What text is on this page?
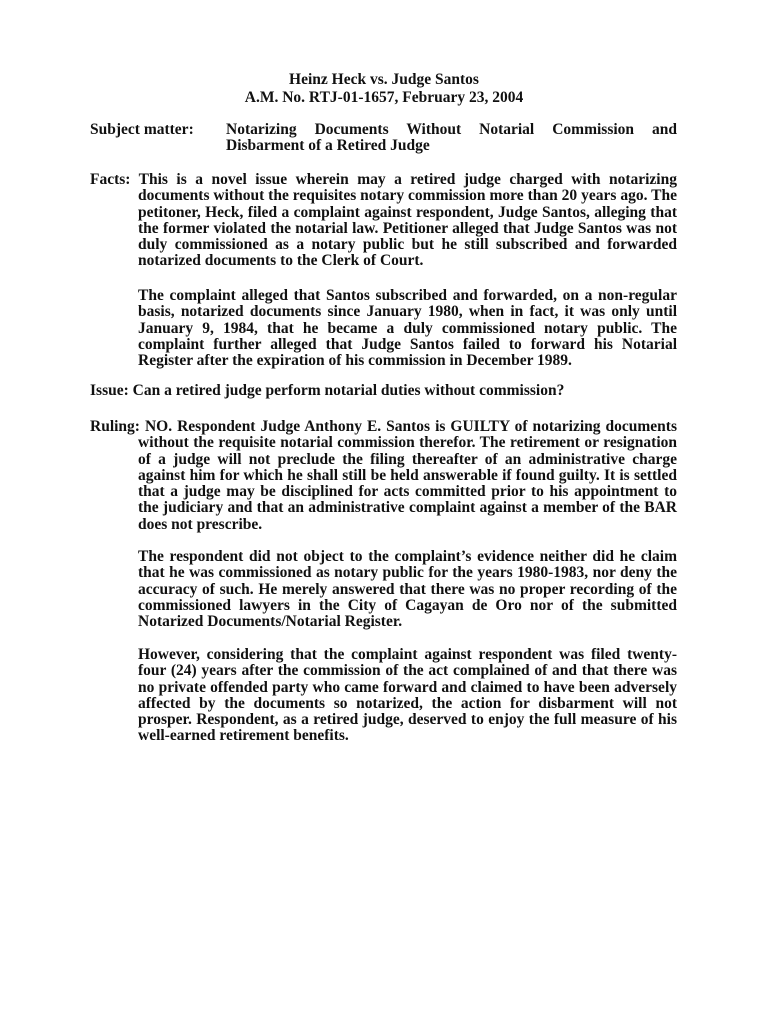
Heinz Heck vs. Judge Santos
A.M. No. RTJ-01-1657, February 23, 2004
Subject matter: Notarizing Documents Without Notarial Commission and Disbarment of a Retired Judge
Facts: This is a novel issue wherein may a retired judge charged with notarizing documents without the requisites notary commission more than 20 years ago. The petitoner, Heck, filed a complaint against respondent, Judge Santos, alleging that the former violated the notarial law. Petitioner alleged that Judge Santos was not duly commissioned as a notary public but he still subscribed and forwarded notarized documents to the Clerk of Court.
The complaint alleged that Santos subscribed and forwarded, on a non-regular basis, notarized documents since January 1980, when in fact, it was only until January 9, 1984, that he became a duly commissioned notary public. The complaint further alleged that Judge Santos failed to forward his Notarial Register after the expiration of his commission in December 1989.
Issue: Can a retired judge perform notarial duties without commission?
Ruling: NO. Respondent Judge Anthony E. Santos is GUILTY of notarizing documents without the requisite notarial commission therefor. The retirement or resignation of a judge will not preclude the filing thereafter of an administrative charge against him for which he shall still be held answerable if found guilty. It is settled that a judge may be disciplined for acts committed prior to his appointment to the judiciary and that an administrative complaint against a member of the BAR does not prescribe.
The respondent did not object to the complaint’s evidence neither did he claim that he was commissioned as notary public for the years 1980-1983, nor deny the accuracy of such. He merely answered that there was no proper recording of the commissioned lawyers in the City of Cagayan de Oro nor of the submitted Notarized Documents/Notarial Register.
However, considering that the complaint against respondent was filed twenty-four (24) years after the commission of the act complained of and that there was no private offended party who came forward and claimed to have been adversely affected by the documents so notarized, the action for disbarment will not prosper. Respondent, as a retired judge, deserved to enjoy the full measure of his well-earned retirement benefits.
